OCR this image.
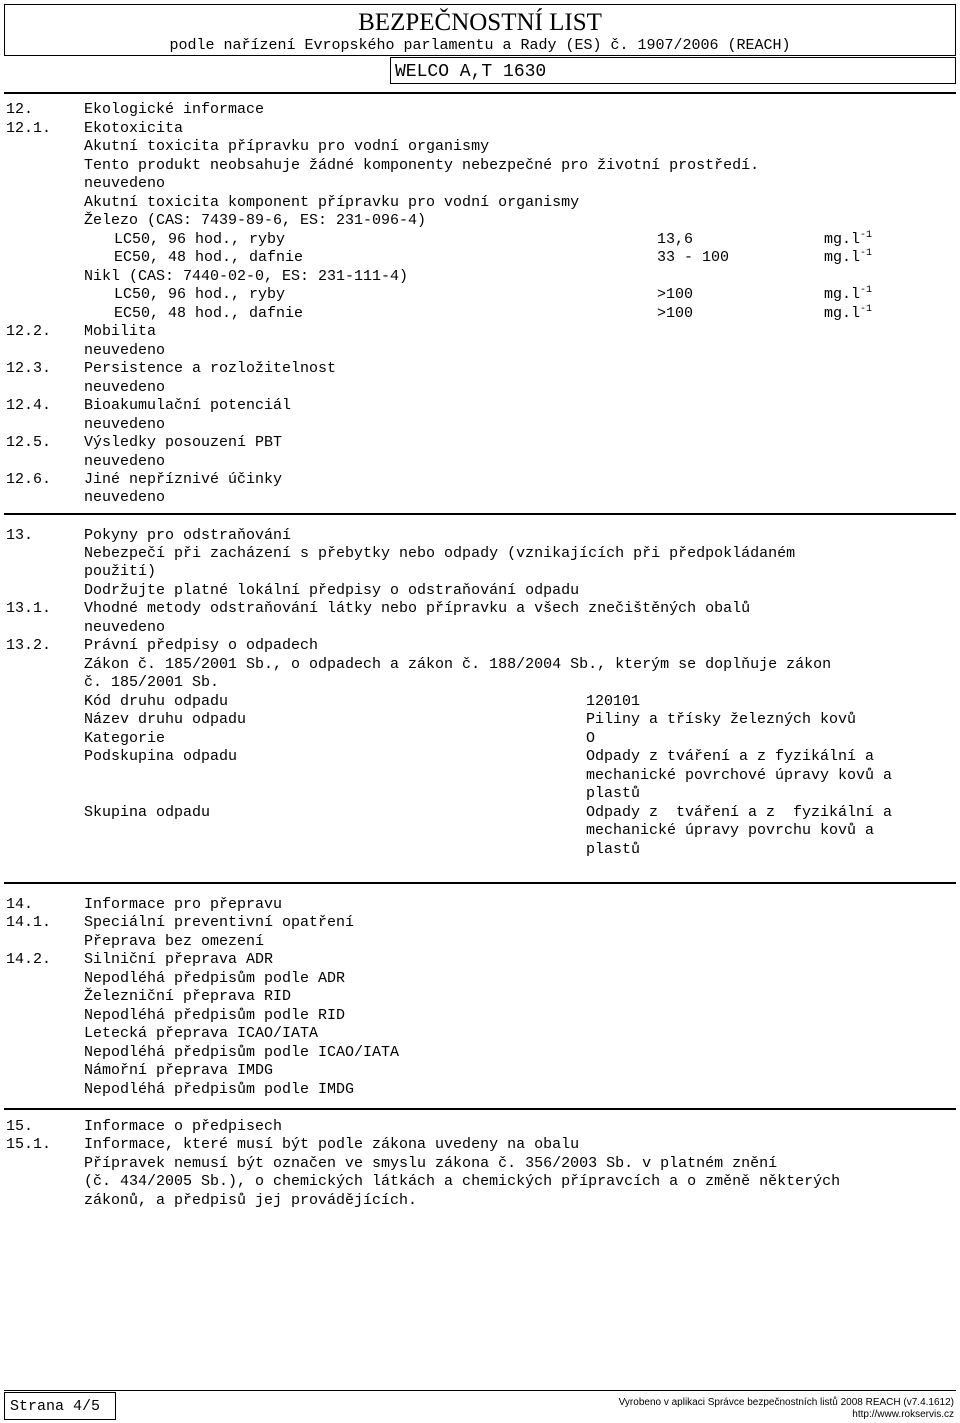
BEZPEČNOSTNÍ LIST
podle nařízení Evropského parlamentu a Rady (ES) č. 1907/2006 (REACH)
WELCO A,T 1630
12.	Ekologické informace
12.1. Ekotoxicita
Akutní toxicita přípravku pro vodní organismy
Tento produkt neobsahuje žádné komponenty nebezpečné pro životní prostředí.
neuvedeno
Akutní toxicita komponent přípravku pro vodní organismy
Železo (CAS: 7439-89-6, ES: 231-096-4)
LC50, 96 hod., ryby	13,6	$mg.l^{-1}$
EC50, 48 hod., dafnie	33 - 100	$mg.l^{-1}$
Nikl (CAS: 7440-02-0, ES: 231-111-4)
LC50, 96 hod., ryby	>100	$mg.l^{-1}$
EC50, 48 hod., dafnie	>100	$mg.l^{-1}$
12.2. Mobilita
neuvedeno
12.3. Persistence a rozložitelnost
neuvedeno
12.4. Bioakumulační potenciál
neuvedeno
12.5. Výsledky posouzení PBT
neuvedeno
12.6. Jiné nepříznivé účinky
neuvedeno
13.	Pokyny pro odstraňování
Nebezpečí při zacházení s přebytky nebo odpady (vznikajících při předpokládaném
použití)
Dodržujte platné lokální předpisy o odstraňování odpadu
13.1. Vhodné metody odstraňování látky nebo přípravku a všech znečištěných obalů
neuvedeno
13.2. Právní předpisy o odpadech
Zákon č. 185/2001 Sb., o odpadech a zákon č. 188/2004 Sb., kterým se doplňuje zákon
č. 185/2001 Sb.
Kód druhu odpadu	120101
Název druhu odpadu	Piliny a třísky železných kovů
Kategorie	O
Podskupina odpadu	Odpady z tváření a z fyzikální a
mechanické povrchové úpravy kovů a
plastů
Skupina odpadu	Odpady z  tváření a z  fyzikální a
mechanické úpravy povrchu kovů a
plastů
14.	Informace pro přepravu
14.1. Speciální preventivní opatření
Přeprava bez omezení
14.2. Silniční přeprava ADR
Nepodléhá předpisům podle ADR
Železniční přeprava RID
Nepodléhá předpisům podle RID
Letecká přeprava ICAO/IATA
Nepodléhá předpisům podle ICAO/IATA
Námořní přeprava IMDG
Nepodléhá předpisům podle IMDG
15.	Informace o předpisech
15.1. Informace, které musí být podle zákona uvedeny na obalu
Přípravek nemusí být označen ve smyslu zákona č. 356/2003 Sb. v platném znění
(č. 434/2005 Sb.), o chemických látkách a chemických přípravcích a o změně některých
zákonů, a předpisů jej provádějících.
Strana 4/5	Vyrobeno v aplikaci Správce bezpečnostních listů 2008 REACH (v7.4.1612)
http://www.rokservis.cz
